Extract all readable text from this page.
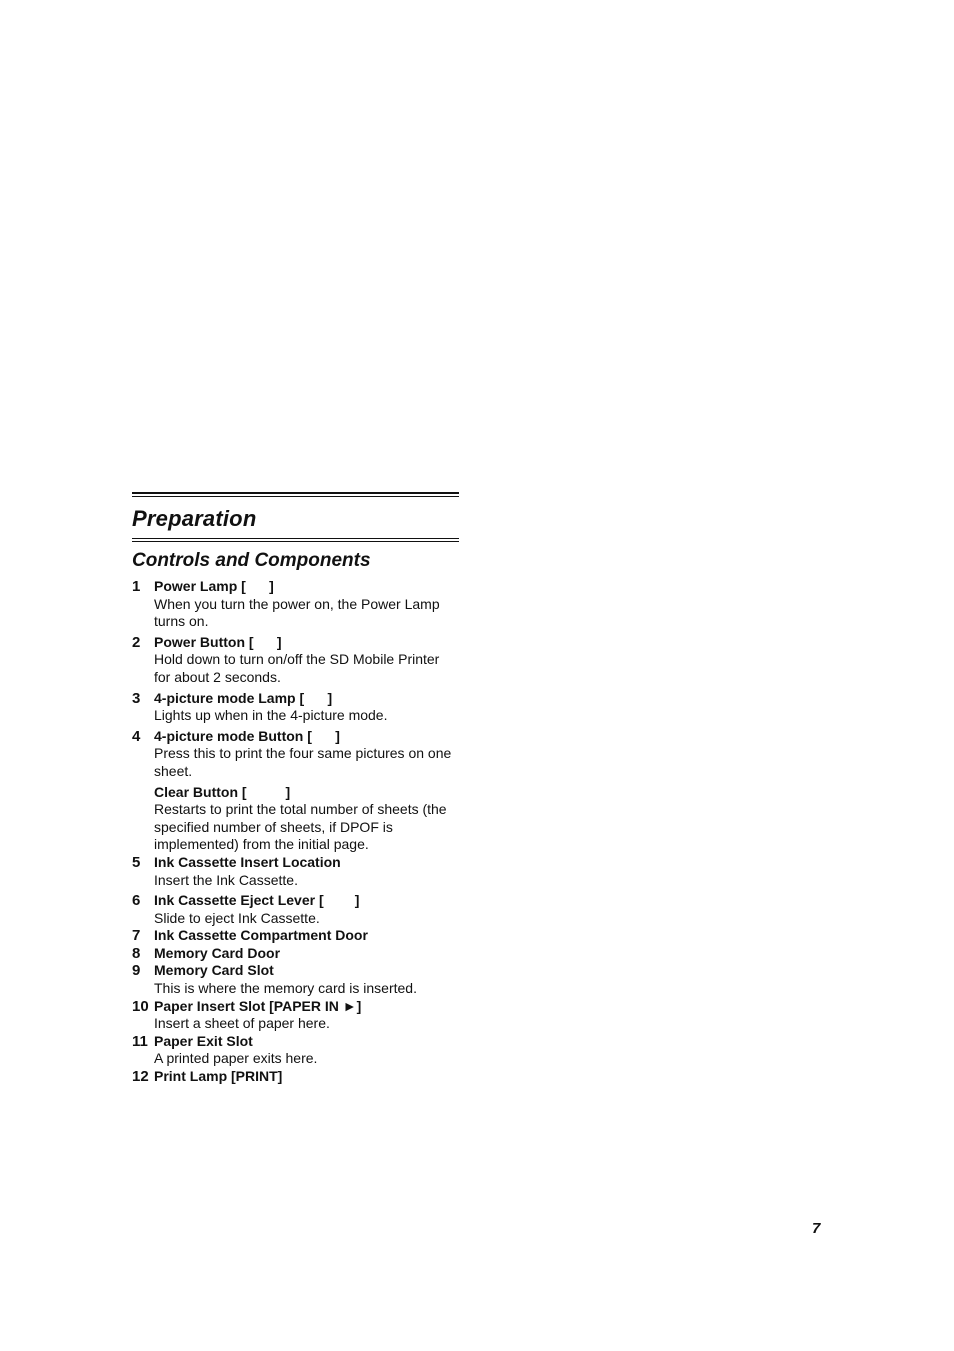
Preparation
Controls and Components
1 Power Lamp [      ]
When you turn the power on, the Power Lamp turns on.
2 Power Button [      ]
Hold down to turn on/off the SD Mobile Printer for about 2 seconds.
3 4-picture mode Lamp [      ]
Lights up when in the 4-picture mode.
4 4-picture mode Button [      ]
Press this to print the four same pictures on one sheet.
Clear Button [          ]
Restarts to print the total number of sheets (the specified number of sheets, if DPOF is implemented) from the initial page.
5 Ink Cassette Insert Location
Insert the Ink Cassette.
6 Ink Cassette Eject Lever [        ]
Slide to eject Ink Cassette.
7 Ink Cassette Compartment Door
8 Memory Card Door
9 Memory Card Slot
This is where the memory card is inserted.
10 Paper Insert Slot [PAPER IN ►]
Insert a sheet of paper here.
11 Paper Exit Slot
A printed paper exits here.
12 Print Lamp [PRINT]
7
